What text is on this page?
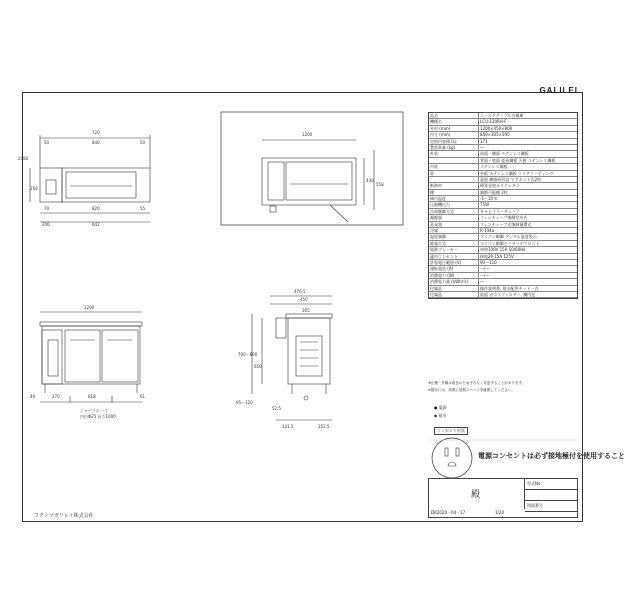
GALILEI
720
50	840	50
2080
250
70	820
200	642
55
1200
430
558
1200
49	270	818	61
ジャバラホース
内径Φ25 長さ1000
476.5
450
305
700〜800
650
95〜120
52.5
141.5	152.5
品名	コールドテーブル冷蔵庫
機種名	LCU-120RH-F
外形 (mm)	1200×450×800
内寸 (mm)	840×305×595
定格内容積 (L)	171
製品質量 (kg)	—
外装	前面・側面 ステンレス鋼板
背面・底面 亜鉛鋼板 天板 ステンレス鋼板
内装	ステンレス鋼板
扉	外板 ステンレス鋼板 クリアコーティング
裏面 樹脂成形品 マグネット式2枚
断熱材	硬質発泡ポリウレタン
棚	調節可能棚 2枚
庫内温度	-1〜10℃
圧縮機出力	75W
冷却制御方式	キャピラリーチューブ
凝縮器	フィンチューブ強制空冷式
蒸発器	フィンチューブ式強制循環式
冷媒	R-134a
温度制御	マイコン制御 デジタル温度表示
除霜方式	マイコン制御ヒーターデフロスト
電源ブレーカー	単相100V 15A 50/60Hz
適用コンセント	接地2P 15A 125V
許容電圧範囲 (V)	90〜110
運転電流 (A)	—/—
消費電力 (W)	—/—
消費電力量 (kWh/年)	—
付属品	操作説明書, 排水配管キット一式
付属品	前面 ガラスフィルター, 鋼内足
※仕様・外観は改良のため予告なく変更することがあります。
※据付には、周囲に放熱スペースを確保してください。
● 電源
◆ 排水
コンセント形状
電源コンセントは必ず接地極付を使用すること
殿
型式No
図面番号
DR2020 - 04 - 17	1/20
フクシマガリレイ株式会社
